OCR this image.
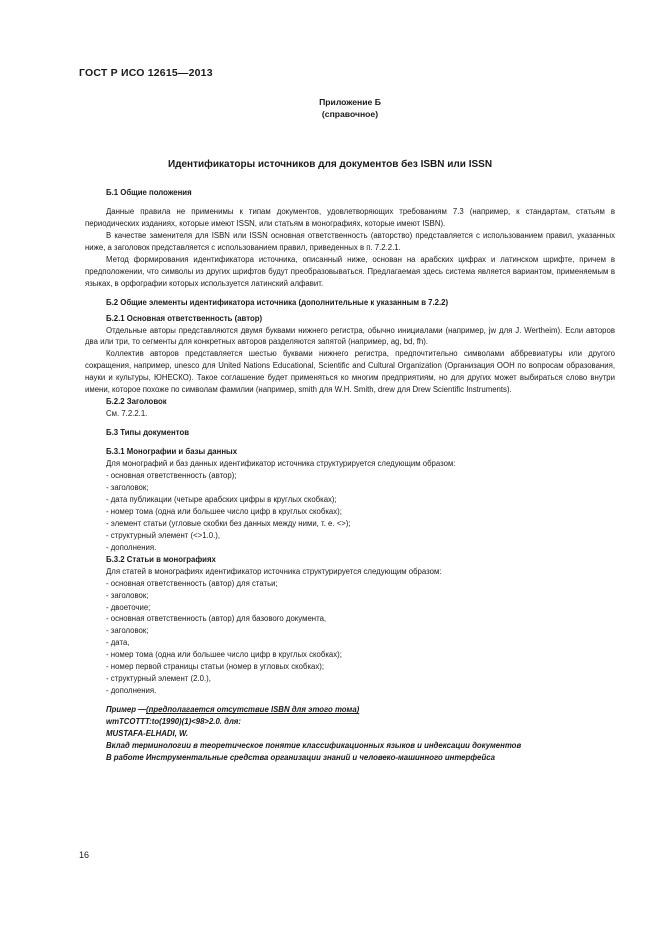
ГОСТ Р ИСО 12615—2013
Приложение Б
(справочное)
Идентификаторы источников для документов без ISBN или ISSN

Б.1 Общие положения

Данные правила не применимы к типам документов, удовлетворяющих требованиям 7.3 (например, к стандартам, статьям в периодических изданиях, которые имеют ISSN, или статьям в монографиях, которые имеют ISBN).

В качестве заменителя для ISBN или ISSN основная ответственность (авторство) представляется с использованием правил, указанных ниже, а заголовок представляется с использованием правил, приведенных в п. 7.2.2.1.

Метод формирования идентификатора источника, описанный ниже, основан на арабских цифрах и латинском шрифте, причем в предположении, что символы из других шрифтов будут преобразовываться. Предлагаемая здесь система является вариантом, применяемым в языках, в орфографии которых используется латинский алфавит.

Б.2 Общие элементы идентификатора источника (дополнительные к указанным в 7.2.2)

Б.2.1 Основная ответственность (автор)

Отдельные авторы представляются двумя буквами нижнего регистра, обычно инициалами (например, jw для J. Wertheim). Если авторов два или три, то сегменты для конкретных авторов разделяются запятой (например, ag, bd, fh).

Коллектив авторов представляется шестью буквами нижнего регистра, предпочтительно символами аббревиатуры или другого сокращения, например, unesco для United Nations Educational, Scientific and Cultural Organization (Организация ООН по вопросам образования, науки и культуры, ЮНЕСКО). Такое соглашение будет применяться ко многим предприятиям, но для других может выбираться слово внутри имени, которое похоже по символам фамилии (например, smith для W.H. Smith, drew для Drew Scientific Instruments).

Б.2.2 Заголовок

См. 7.2.2.1.

Б.3 Типы документов

Б.3.1 Монографии и базы данных

Для монографий и баз данных идентификатор источника структурируется следующим образом:

- основная ответственность (автор);

- заголовок;

- дата публикации (четыре арабских цифры в круглых скобках);

- номер тома (одна или большее число цифр в круглых скобках);

- элемент статьи (угловые скобки без данных между ними, т. е. <>);

- структурный элемент (<>1.0.),

- дополнения.

Б.3.2 Статьи в монографиях

Для статей в монографиях идентификатор источника структурируется следующим образом:

- основная ответственность (автор) для статьи;

- заголовок;

- двоеточие;

- основная ответственность (автор) для базового документа,

- заголовок;

- дата,

- номер тома (одна или большее число цифр в круглых скобках);

- номер первой страницы статьи (номер в угловых скобках);

- структурный элемент (2.0.),

- дополнения.

Пример —(предполагается отсутствие ISBN для этого тома)

wmTCOTTT:to(1990)(1)<98>2.0. для:

MUSTAFA-ELHADI, W.

Вклад терминологии в теоретическое понятие классификационных языков и индексации документов

В работе Инструментальные средства организации знаний и человеко-машинного интерфейса

16
